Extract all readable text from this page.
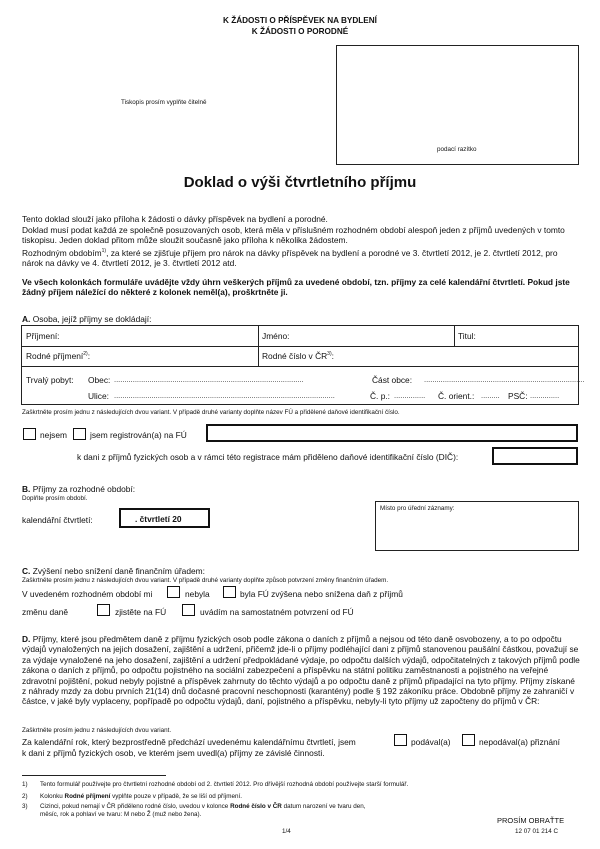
K ŽÁDOSTI O PŘÍSPĚVEK NA BYDLENÍ
K ŽÁDOSTI O PORODNÉ
Tiskopis prosím vyplňte čitelně
podací razítko
Doklad o výši čtvrtletního příjmu

Tento doklad slouží jako příloha k žádosti o dávky příspěvek na bydlení a porodné.

Doklad musí podat každá ze společně posuzovaných osob, která měla v příslušném rozhodném období alespoň jeden z příjmů uvedených v tomto tiskopisu. Jeden doklad přitom může sloužit současně jako příloha k několika žádostem.

Rozhodným obdobím$^{1)}$, za které se zjišťuje příjem pro nárok na dávky příspěvek na bydlení a porodné ve 3. čtvrtletí 2012, je 2. čtvrtletí 2012, pro nárok na dávky ve 4. čtvrtletí 2012, je 3. čtvrtletí 2012 atd.

Ve všech kolonkách formuláře uvádějte vždy úhrn veškerých příjmů za uvedené období, tzn. příjmy za celé kalendářní čtvrtletí. Pokud jste žádný příjem náležící do některé z kolonek neměl(a), proškrtněte ji.
A. Osoba, jejíž příjmy se dokládají:
Příjmení:	Jméno:	Titul:
Rodné příjmení$^{2)}$:	Rodné číslo v ČR$^{3)}$:
Trvalý pobyt: Obec: ...........................................................................................	Část obce: .............................................................................
Ulice: ..........................................................................................................	Č. p.: ............... Č. orient.: ......... PSČ: ..............
Zaškrtněte prosím jednu z následujících dvou variant. V případě druhé varianty doplňte název FÚ a přidělené daňové identifikační číslo.
nejsem	jsem registrován(a) na FÚ
k dani z příjmů fyzických osob a v rámci této registrace mám přiděleno daňové identifikační číslo (DIČ):
B. Příjmy za rozhodné období:
Doplňte prosím období.
kalendářní čtvrtletí:	. čtvrtletí 20
Místo pro úřední záznamy:
C. Zvýšení nebo snížení daně finančním úřadem:
Zaškrtněte prosím jednu z následujících dvou variant. V případě druhé varianty doplňte způsob potvrzení změny finančním úřadem.
V uvedeném rozhodném období mi	nebyla	byla FÚ zvýšena nebo snížena daň z příjmů
změnu daně	zjistěte na FÚ	uvádím na samostatném potvrzení od FÚ
D. Příjmy, které jsou předmětem daně z příjmu fyzických osob podle zákona o daních z příjmů a nejsou od této daně osvobozeny, a to po odpočtu výdajů vynaložených na jejich dosažení, zajištění a udržení, přičemž jde-li o příjmy podléhající dani z příjmů stanovenou paušální částkou, považují se za výdaje vynaložené na jeho dosažení, zajištění a udržení předpokládané výdaje, po odpočtu dalších výdajů, odpočitatelných z takových příjmů podle zákona o daních z příjmů, po odpočtu pojistného na sociální zabezpečení a příspěvku na státní politiku zaměstnanosti a pojistného na veřejné zdravotní pojištění, pokud nebyly pojistné a příspěvek zahrnuty do těchto výdajů a po odpočtu daně z příjmů připadající na tyto příjmy. Příjmy získané z náhrady mzdy za dobu prvních 21(14) dnů dočasné pracovní neschopnosti (karantény) podle § 192 zákoníku práce. Obdobně příjmy ze zahraničí v částce, v jaké byly vyplaceny, popřípadě po odpočtu výdajů, daní, pojistného a příspěvku, nebyly-li tyto příjmy už započteny do příjmů v ČR:
Zaškrtněte prosím jednu z následujících dvou variant.
Za kalendářní rok, který bezprostředně předchází uvedenému kalendářnímu čtvrtletí, jsem	podával(a)	nepodával(a) přiznání
k dani z příjmů fyzických osob, ve kterém jsem uvedl(a) příjmy ze závislé činnosti.
1) Tento formulář používejte pro čtvrtletní rozhodné období od 2. čtvrtletí 2012. Pro dřívější rozhodná období používejte starší formulář.
2) Kolonku Rodné příjmení vyplňte pouze v případě, že se liší od příjmení.
3) Cizinci, pokud nemají v ČR přiděleno rodné číslo, uvedou v kolonce Rodné číslo v ČR datum narození ve tvaru den, měsíc, rok a pohlaví ve tvaru: M nebo Ž (muž nebo žena).
PROSÍM OBRAŤTE
1/4	12 07 01 214 C
